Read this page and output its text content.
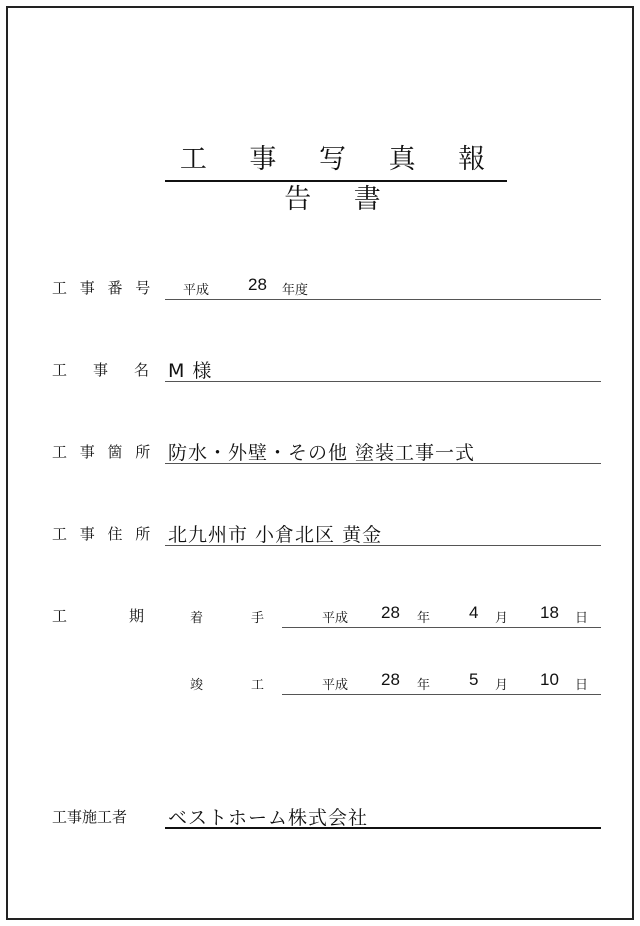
工 事 写 真 報 告 書
工 事 番 号 平成 28 年度
工 事 名 M 様
工 事 箇 所 防水・外壁・その他 塗装工事一式
工 事 住 所 北九州市 小倉北区 黄金
工	期	着	手	平成 28 年 4 月 18 日
竣	工	平成 28 年 5 月 10 日
工事施工者 ベストホーム株式会社
